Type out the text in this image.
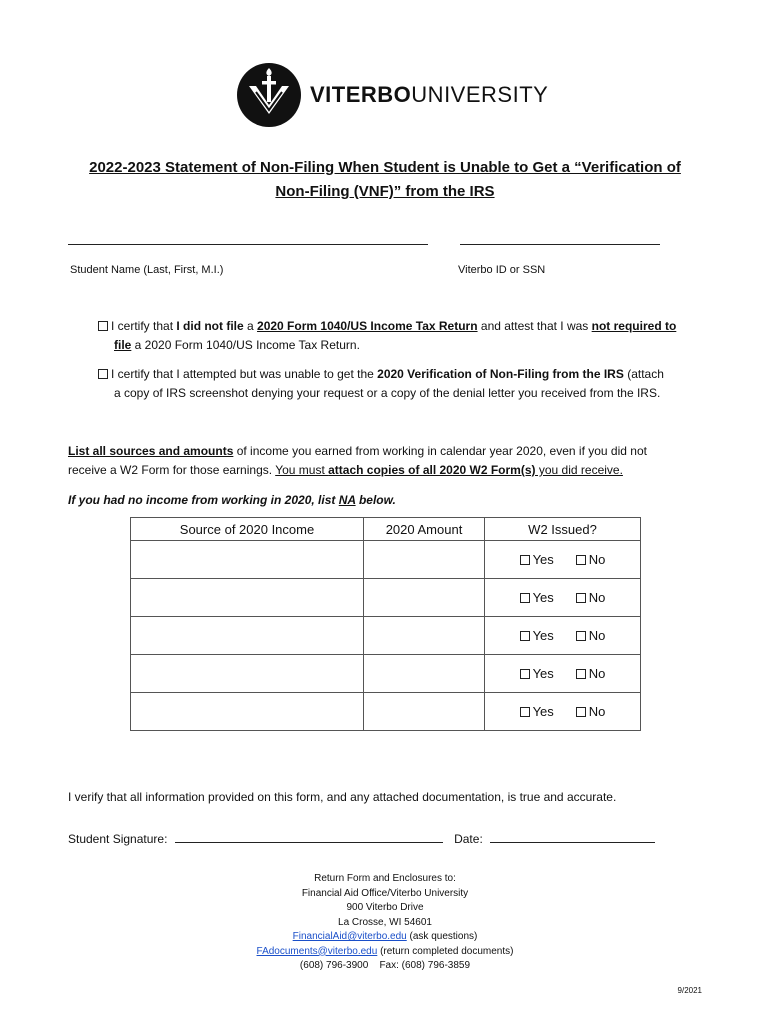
VITERBOUNIVERSITY
2022-2023 Statement of Non-Filing When Student is Unable to Get a “Verification of
Non-Filing (VNF)” from the IRS
Student Name (Last, First, M.I.)	Viterbo ID or SSN
I certify that I did not file a 2020 Form 1040/US Income Tax Return and attest that I was not required to
file a 2020 Form 1040/US Income Tax Return.
I certify that I attempted but was unable to get the 2020 Verification of Non-Filing from the IRS (attach
a copy of IRS screenshot denying your request or a copy of the denial letter you received from the IRS.
List all sources and amounts of income you earned from working in calendar year 2020, even if you did not
receive a W2 Form for those earnings. You must attach copies of all 2020 W2 Form(s) you did receive.
If you had no income from working in 2020, list NA below.
Source of 2020 Income	2020 Amount	W2 Issued?

		Yes No

		Yes No

		Yes No

		Yes No

		Yes No
I verify that all information provided on this form, and any attached documentation, is true and accurate.
Student Signature:	Date:
Return Form and Enclosures to:
Financial Aid Office/Viterbo University
900 Viterbo Drive
La Crosse, WI 54601
FinancialAid@viterbo.edu (ask questions)
FAdocuments@viterbo.edu (return completed documents)
(608) 796-3900 Fax: (608) 796-3859
9/2021
